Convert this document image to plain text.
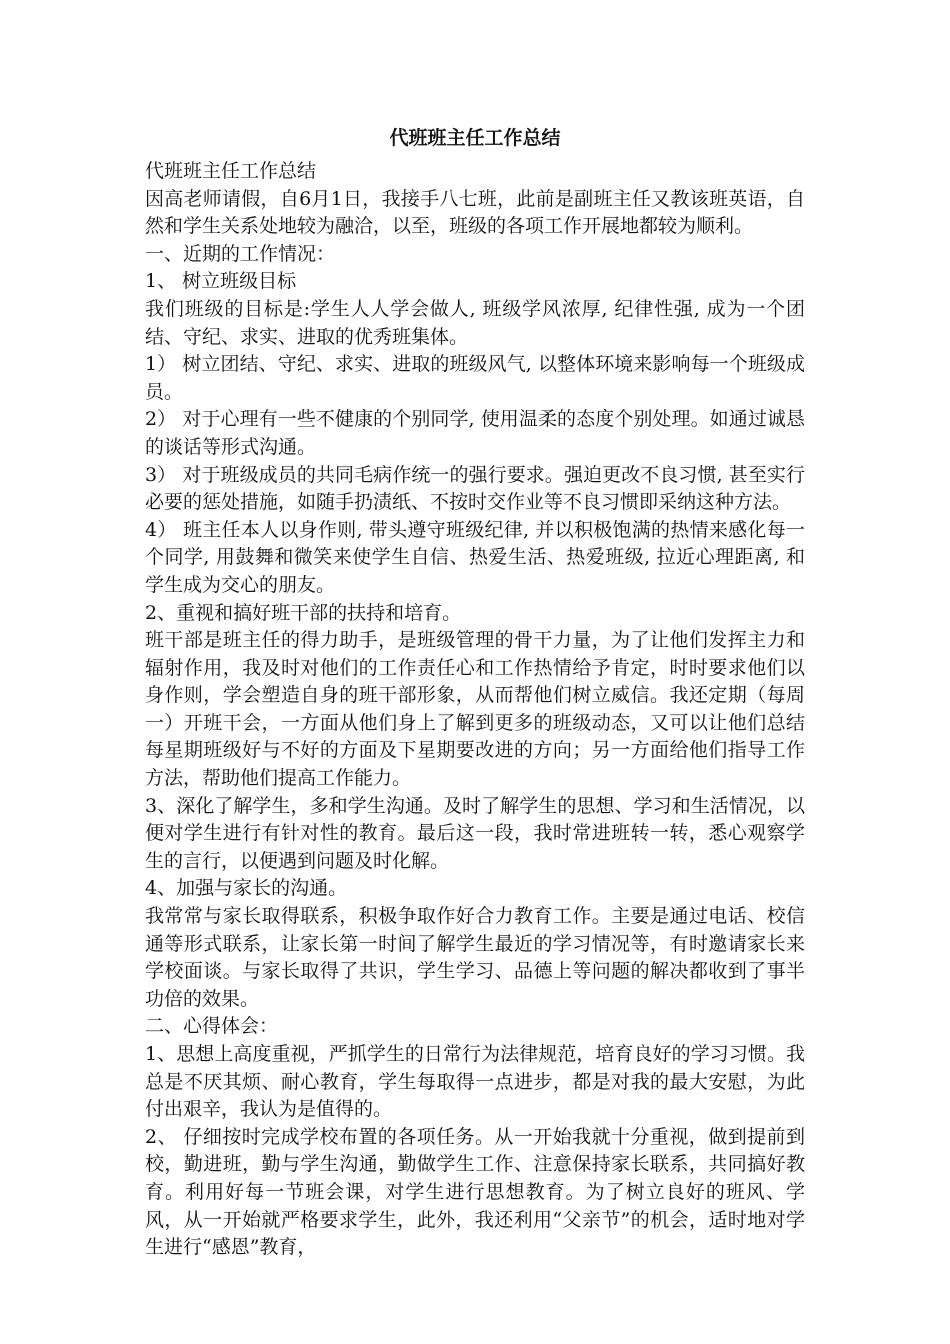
代班班主任工作总结

代班班主任工作总结

因高老师请假，自6月1日，我接手八七班，此前是副班主任又教该班英语，自然和学生关系处地较为融洽，以至，班级的各项工作开展地都较为顺利。

一、近期的工作情况：

1、 树立班级目标

我们班级的目标是:学生人人学会做人, 班级学风浓厚, 纪律性强, 成为一个团结、守纪、求实、进取的优秀班集体。

1） 树立团结、守纪、求实、进取的班级风气, 以整体环境来影响每一个班级成员。

2） 对于心理有一些不健康的个别同学, 使用温柔的态度个别处理。如通过诚恳的谈话等形式沟通。

3） 对于班级成员的共同毛病作统一的强行要求。强迫更改不良习惯, 甚至实行必要的惩处措施，如随手扔渍纸、不按时交作业等不良习惯即采纳这种方法。

4） 班主任本人以身作则, 带头遵守班级纪律, 并以积极饱满的热情来感化每一个同学, 用鼓舞和微笑来使学生自信、热爱生活、热爱班级, 拉近心理距离, 和学生成为交心的朋友。

2、重视和搞好班干部的扶持和培育。

班干部是班主任的得力助手，是班级管理的骨干力量，为了让他们发挥主力和辐射作用，我及时对他们的工作责任心和工作热情给予肯定，时时要求他们以身作则，学会塑造自身的班干部形象，从而帮他们树立威信。我还定期（每周一）开班干会，一方面从他们身上了解到更多的班级动态，又可以让他们总结每星期班级好与不好的方面及下星期要改进的方向；另一方面给他们指导工作方法，帮助他们提高工作能力。

3、深化了解学生，多和学生沟通。及时了解学生的思想、学习和生活情况，以便对学生进行有针对性的教育。最后这一段，我时常进班转一转，悉心观察学生的言行，以便遇到问题及时化解。

4、加强与家长的沟通。

我常常与家长取得联系，积极争取作好合力教育工作。主要是通过电话、校信通等形式联系，让家长第一时间了解学生最近的学习情况等，有时邀请家长来学校面谈。与家长取得了共识，学生学习、品德上等问题的解决都收到了事半功倍的效果。

二、心得体会：

1、思想上高度重视，严抓学生的日常行为法律规范，培育良好的学习习惯。我总是不厌其烦、耐心教育，学生每取得一点进步，都是对我的最大安慰，为此付出艰辛，我认为是值得的。

2、 仔细按时完成学校布置的各项任务。从一开始我就十分重视，做到提前到校，勤进班，勤与学生沟通，勤做学生工作、注意保持家长联系，共同搞好教育。利用好每一节班会课，对学生进行思想教育。为了树立良好的班风、学风，从一开始就严格要求学生，此外，我还利用“父亲节”的机会，适时地对学生进行“感恩”教育，
